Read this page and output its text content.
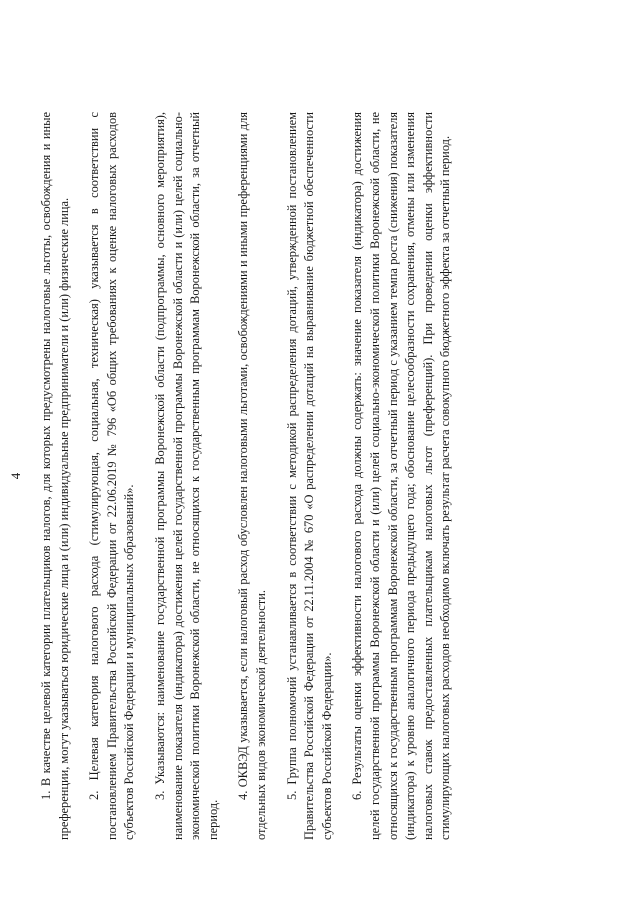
4 1. В качестве целевой категории плательщиков налогов, для которых предусмотрены налоговые льготы, освобождения и иные преференции, могут указываться юридические лица и (или) индивидуальные предприниматели и (или) физические лица. 2. Целевая категория налогового расхода (стимулирующая, социальная, техническая) указывается в соответствии с постановлением Правительства Российской Федерации от 22.06.2019 № 796 «Об общих требованиях к оценке налоговых расходов субъектов Российской Федерации и муниципальных образований». 3. Указываются: наименование государственной программы Воронежской области (подпрограммы, основного мероприятия), наименование показателя (индикатора) достижения целей государственной программы Воронежской области и (или) целей социально-экономической политики Воронежской области, не относящихся к государственным программам Воронежской области, за отчетный период.

4. ОКВЭД указывается, если налоговый расход обусловлен налоговыми льготами, освобождениями и иными преференциями для отдельных видов экономической деятельности. 5. Группа полномочий устанавливается в соответствии с методикой распределения дотаций, утвержденной постановлением Правительства Российской Федерации от 22.11.2004 № 670 «О распределении дотаций на выравнивание бюджетной обеспеченности субъектов Российской Федерации». 6. Результаты оценки эффективности налогового расхода должны содержать: значение показателя (индикатора) достижения целей государственной программы Воронежской области и (или) целей социально-экономической политики Воронежской области, не относящихся к государственным программам Воронежской области, за отчетный период с указанием темпа роста (снижения) показателя (индикатора) к уровню аналогичного периода предыдущего года; обоснование целесообразности сохранения, отмены или изменения налоговых ставок предоставленных плательщикам налоговых льгот (преференций). При проведении оценки эффективности стимулирующих налоговых расходов необходимо включать результат расчета совокупного бюджетного эффекта за отчетный период.
